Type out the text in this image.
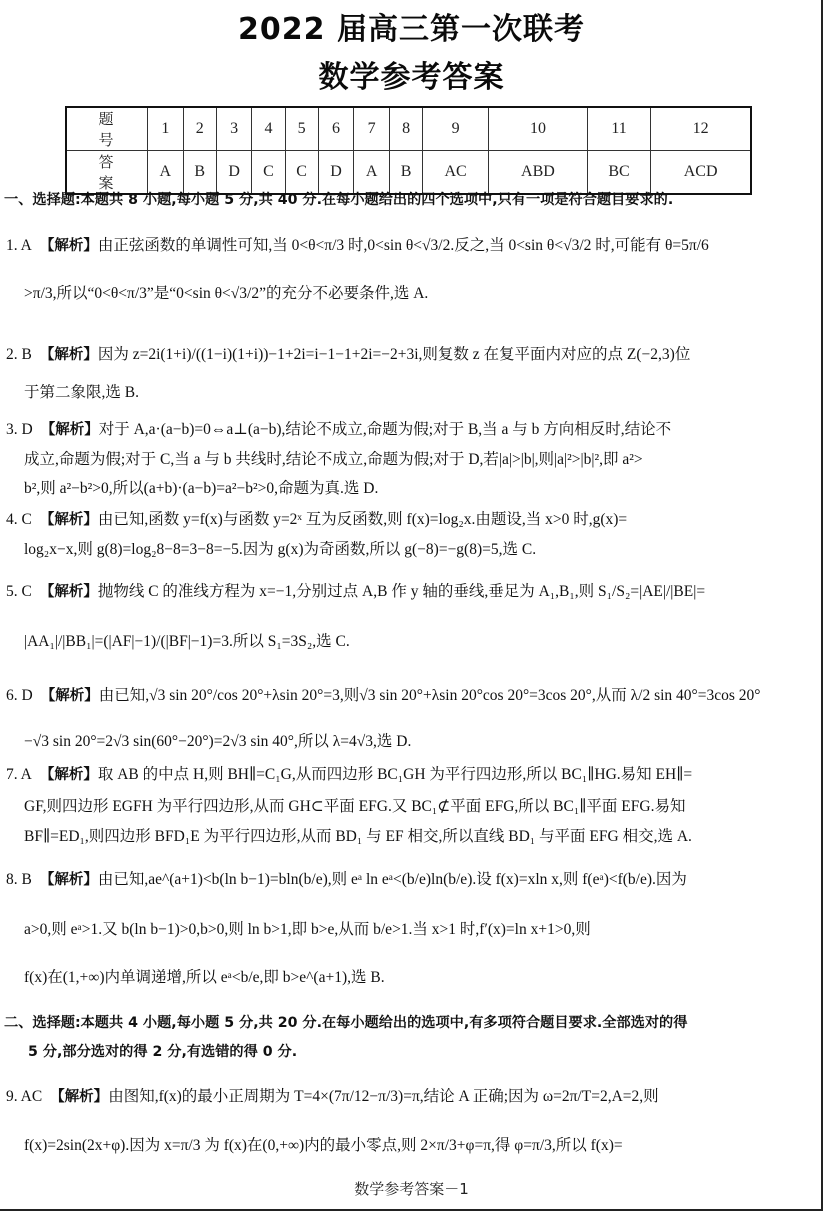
2022 届高三第一次联考
数学参考答案
题　号	1	2	3	4	5	6	7	8	9	10	11	12
答　案	A	B	D	C	C	D	A	B	AC	ABD	BC	ACD
一、选择题:本题共 8 小题,每小题 5 分,共 40 分.在每小题给出的四个选项中,只有一项是符合题目要求的.
1. A 【解析】由正弦函数的单调性可知,当 0<θ<π/3 时,0<sin θ<√3/2.反之,当 0<sin θ<√3/2 时,可能有 θ=5π/6
>π/3,所以“0<θ<π/3”是“0<sin θ<√3/2”的充分不必要条件,选 A.
2. B 【解析】因为 z=2i(1+i)/((1−i)(1+i))−1+2i=i−1−1+2i=−2+3i,则复数 z 在复平面内对应的点 Z(−2,3)位
于第二象限,选 B.
3. D 【解析】对于 A,a·(a−b)=0⇔a⊥(a−b),结论不成立,命题为假;对于 B,当 a 与 b 方向相反时,结论不
成立,命题为假;对于 C,当 a 与 b 共线时,结论不成立,命题为假;对于 D,若|a|>|b|,则|a|²>|b|²,即 a²>
b²,则 a²−b²>0,所以(a+b)·(a−b)=a²−b²>0,命题为真.选 D.
4. C 【解析】由已知,函数 y=f(x)与函数 y=2ˣ 互为反函数,则 f(x)=log₂x.由题设,当 x>0 时,g(x)=
log₂x−x,则 g(8)=log₂8−8=3−8=−5.因为 g(x)为奇函数,所以 g(−8)=−g(8)=5,选 C.
5. C 【解析】抛物线 C 的准线方程为 x=−1,分别过点 A,B 作 y 轴的垂线,垂足为 A₁,B₁,则 S₁/S₂=|AE|/|BE|=
|AA₁|/|BB₁|=(|AF|−1)/(|BF|−1)=3.所以 S₁=3S₂,选 C.
6. D 【解析】由已知,√3 sin 20°/cos 20°+λsin 20°=3,则√3 sin 20°+λsin 20°cos 20°=3cos 20°,从而 λ/2 sin 40°=3cos 20°
−√3 sin 20°=2√3 sin(60°−20°)=2√3 sin 40°,所以 λ=4√3,选 D.
7. A 【解析】取 AB 的中点 H,则 BH∥=C₁G,从而四边形 BC₁GH 为平行四边形,所以 BC₁∥HG.易知 EH∥=
GF,则四边形 EGFH 为平行四边形,从而 GH⊂平面 EFG.又 BC₁⊄平面 EFG,所以 BC₁∥平面 EFG.易知
BF∥=ED₁,则四边形 BFD₁E 为平行四边形,从而 BD₁ 与 EF 相交,所以直线 BD₁ 与平面 EFG 相交,选 A.
8. B 【解析】由已知,ae^(a+1)<b(ln b−1)=bln(b/e),则 eᵃ ln eᵃ<(b/e)ln(b/e).设 f(x)=xln x,则 f(eᵃ)<f(b/e).因为
a>0,则 eᵃ>1.又 b(ln b−1)>0,b>0,则 ln b>1,即 b>e,从而 b/e>1.当 x>1 时,f′(x)=ln x+1>0,则
f(x)在(1,+∞)内单调递增,所以 eᵃ<b/e,即 b>e^(a+1),选 B.
二、选择题:本题共 4 小题,每小题 5 分,共 20 分.在每小题给出的选项中,有多项符合题目要求.全部选对的得
5 分,部分选对的得 2 分,有选错的得 0 分.
9. AC 【解析】由图知,f(x)的最小正周期为 T=4×(7π/12−π/3)=π,结论 A 正确;因为 ω=2π/T=2,A=2,则
f(x)=2sin(2x+φ).因为 x=π/3 为 f(x)在(0,+∞)内的最小零点,则 2×π/3+φ=π,得 φ=π/3,所以 f(x)=
数学参考答案－1
